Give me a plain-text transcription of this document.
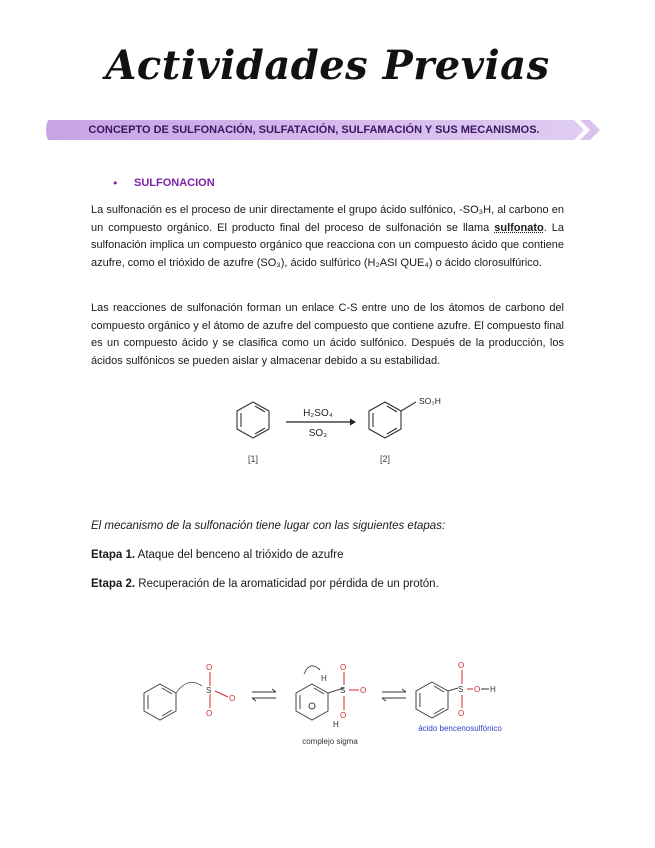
Actividades Previas
CONCEPTO DE SULFONACIÓN, SULFATACIÓN, SULFAMACIÓN Y SUS MECANISMOS.
• SULFONACION

La sulfonación es el proceso de unir directamente el grupo ácido sulfónico, -SO₃H, al carbono en un compuesto orgánico. El producto final del proceso de sulfonación se llama sulfonato. La sulfonación implica un compuesto orgánico que reacciona con un compuesto ácido que contiene azufre, como el trióxido de azufre (SO₃), ácido sulfúrico (H₂ASI QUE₄) o ácido clorosulfúrico.

Las reacciones de sulfonación forman un enlace C-S entre uno de los átomos de carbono del compuesto orgánico y el átomo de azufre del compuesto que contiene azufre. El compuesto final es un compuesto ácido y se clasifica como un ácido sulfónico. Después de la producción, los ácidos sulfónicos se pueden aislar y almacenar debido a su estabilidad.

H₂SO₄
SO₃
SO₃H
[1]	[2]
El mecanismo de la sulfonación tiene lugar con las siguientes etapas:
Etapa 1. Ataque del benceno al trióxido de azufre
Etapa 2. Recuperación de la aromaticidad por pérdida de un protón.
S
O
O
O
H
H
S
O
O
O
complejo sigma
S
O
O
O H
ácido bencenosulfónico
